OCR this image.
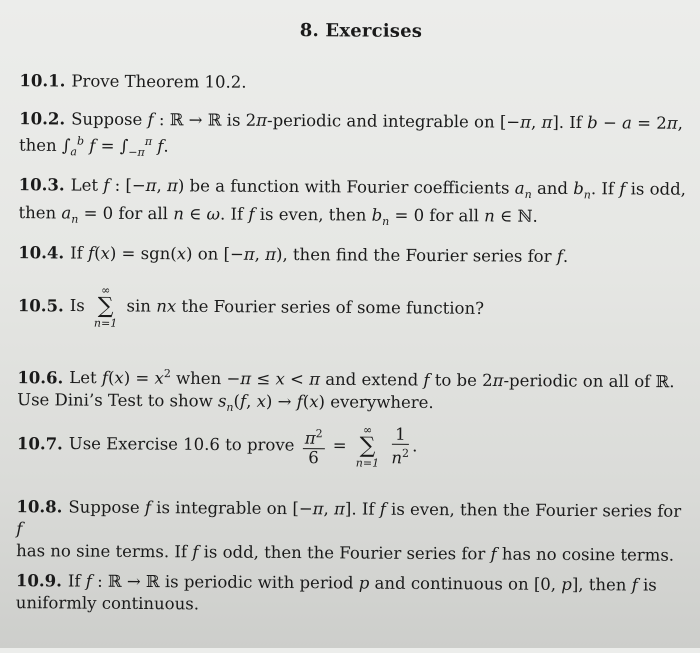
8. Exercises
10.1. Prove Theorem 10.2.
10.2. Suppose f : ℝ → ℝ is 2π-periodic and integrable on [−π, π]. If b − a = 2π,
then $\int_a^b$ $f = \int_{-\pi}^\pi$ f.
10.3. Let f : [−π, π) be a function with Fourier coefficients $a_n$ and $b_n$. If f is odd,
then $a_n = 0$ for all n ∈ ω. If f is even, then $b_n = 0$ for all n ∈ ℕ.
10.4. If f(x) = sgn(x) on [−π, π), then find the Fourier series for f.
10.5. Is
∞
∑
n=1
sin nx the Fourier series of some function?
10.6. Let $f(x) = x^2$ when −π ≤ x < π and extend f to be 2π-periodic on all of ℝ.
Use Dini’s Test to show $s_n(f$, x) → f(x) everywhere.
10.7. Use Exercise 10.6 to prove $\frac{\pi^2}{6}$ =
∞
∑
n=1
$\frac{1}{n^2}$ .
10.8. Suppose f is integrable on [−π, π]. If f is even, then the Fourier series for f
has no sine terms. If f is odd, then the Fourier series for f has no cosine terms.
10.9. If f : ℝ → ℝ is periodic with period p and continuous on [0, p], then f is
uniformly continuous.
